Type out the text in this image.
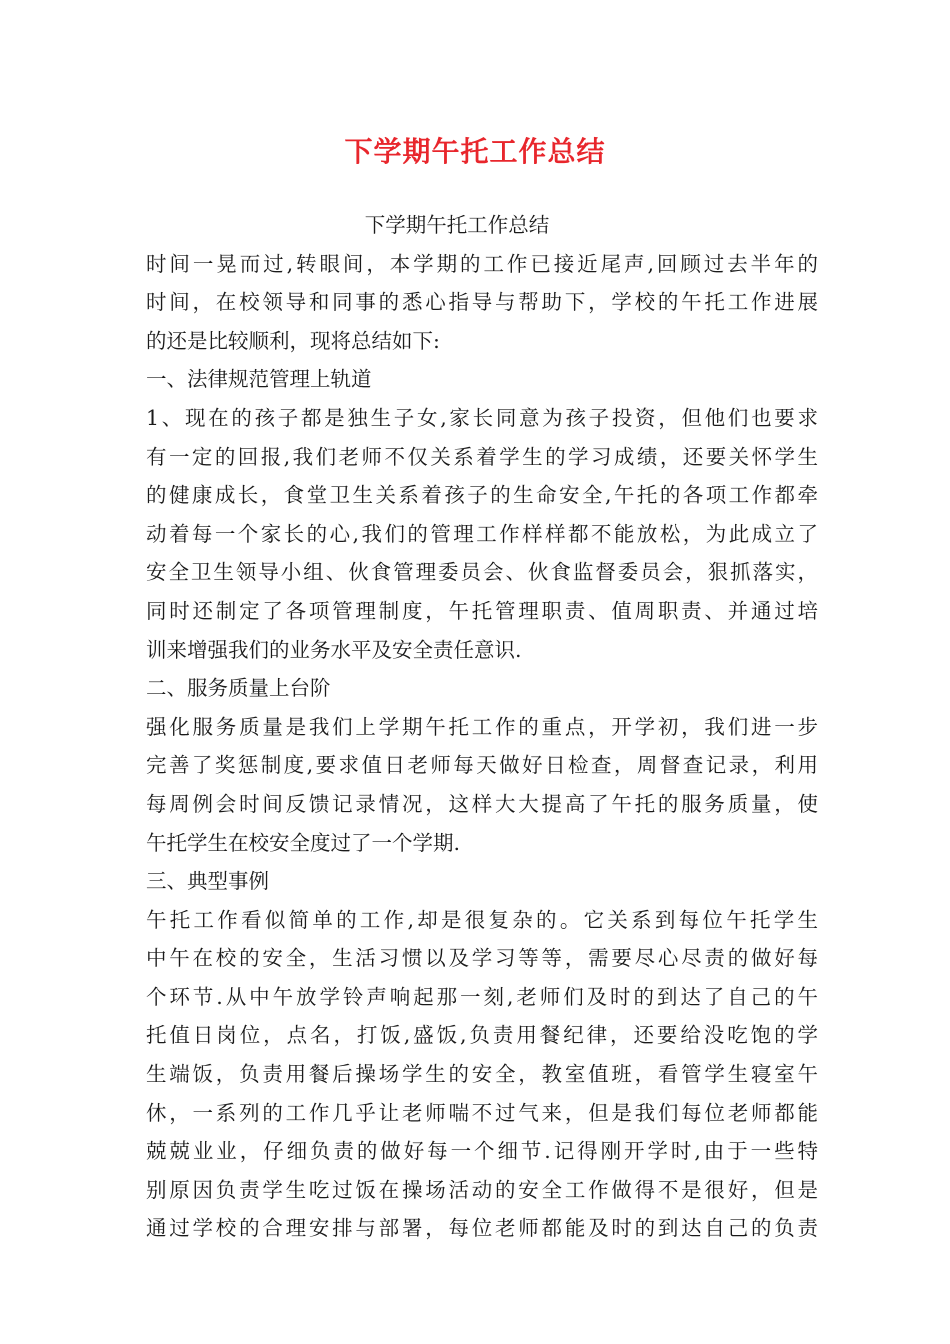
下学期午托工作总结
下学期午托工作总结
时间一晃而过,转眼间，本学期的工作已接近尾声,回顾过去半年的
时间，在校领导和同事的悉心指导与帮助下，学校的午托工作进展
的还是比较顺利，现将总结如下:
一、法律规范管理上轨道
1、现在的孩子都是独生子女,家长同意为孩子投资，但他们也要求
有一定的回报,我们老师不仅关系着学生的学习成绩，还要关怀学生
的健康成长，食堂卫生关系着孩子的生命安全,午托的各项工作都牵
动着每一个家长的心,我们的管理工作样样都不能放松，为此成立了
安全卫生领导小组、伙食管理委员会、伙食监督委员会，狠抓落实，
同时还制定了各项管理制度，午托管理职责、值周职责、并通过培
训来增强我们的业务水平及安全责任意识.
二、服务质量上台阶
强化服务质量是我们上学期午托工作的重点，开学初，我们进一步
完善了奖惩制度,要求值日老师每天做好日检查，周督查记录，利用
每周例会时间反馈记录情况，这样大大提高了午托的服务质量，使
午托学生在校安全度过了一个学期.
三、典型事例
午托工作看似简单的工作,却是很复杂的。它关系到每位午托学生
中午在校的安全，生活习惯以及学习等等，需要尽心尽责的做好每
个环节.从中午放学铃声响起那一刻,老师们及时的到达了自己的午
托值日岗位，点名，打饭,盛饭,负责用餐纪律，还要给没吃饱的学
生端饭，负责用餐后操场学生的安全，教室值班，看管学生寝室午
休，一系列的工作几乎让老师喘不过气来，但是我们每位老师都能
兢兢业业，仔细负责的做好每一个细节.记得刚开学时,由于一些特
别原因负责学生吃过饭在操场活动的安全工作做得不是很好，但是
通过学校的合理安排与部署，每位老师都能及时的到达自己的负责
